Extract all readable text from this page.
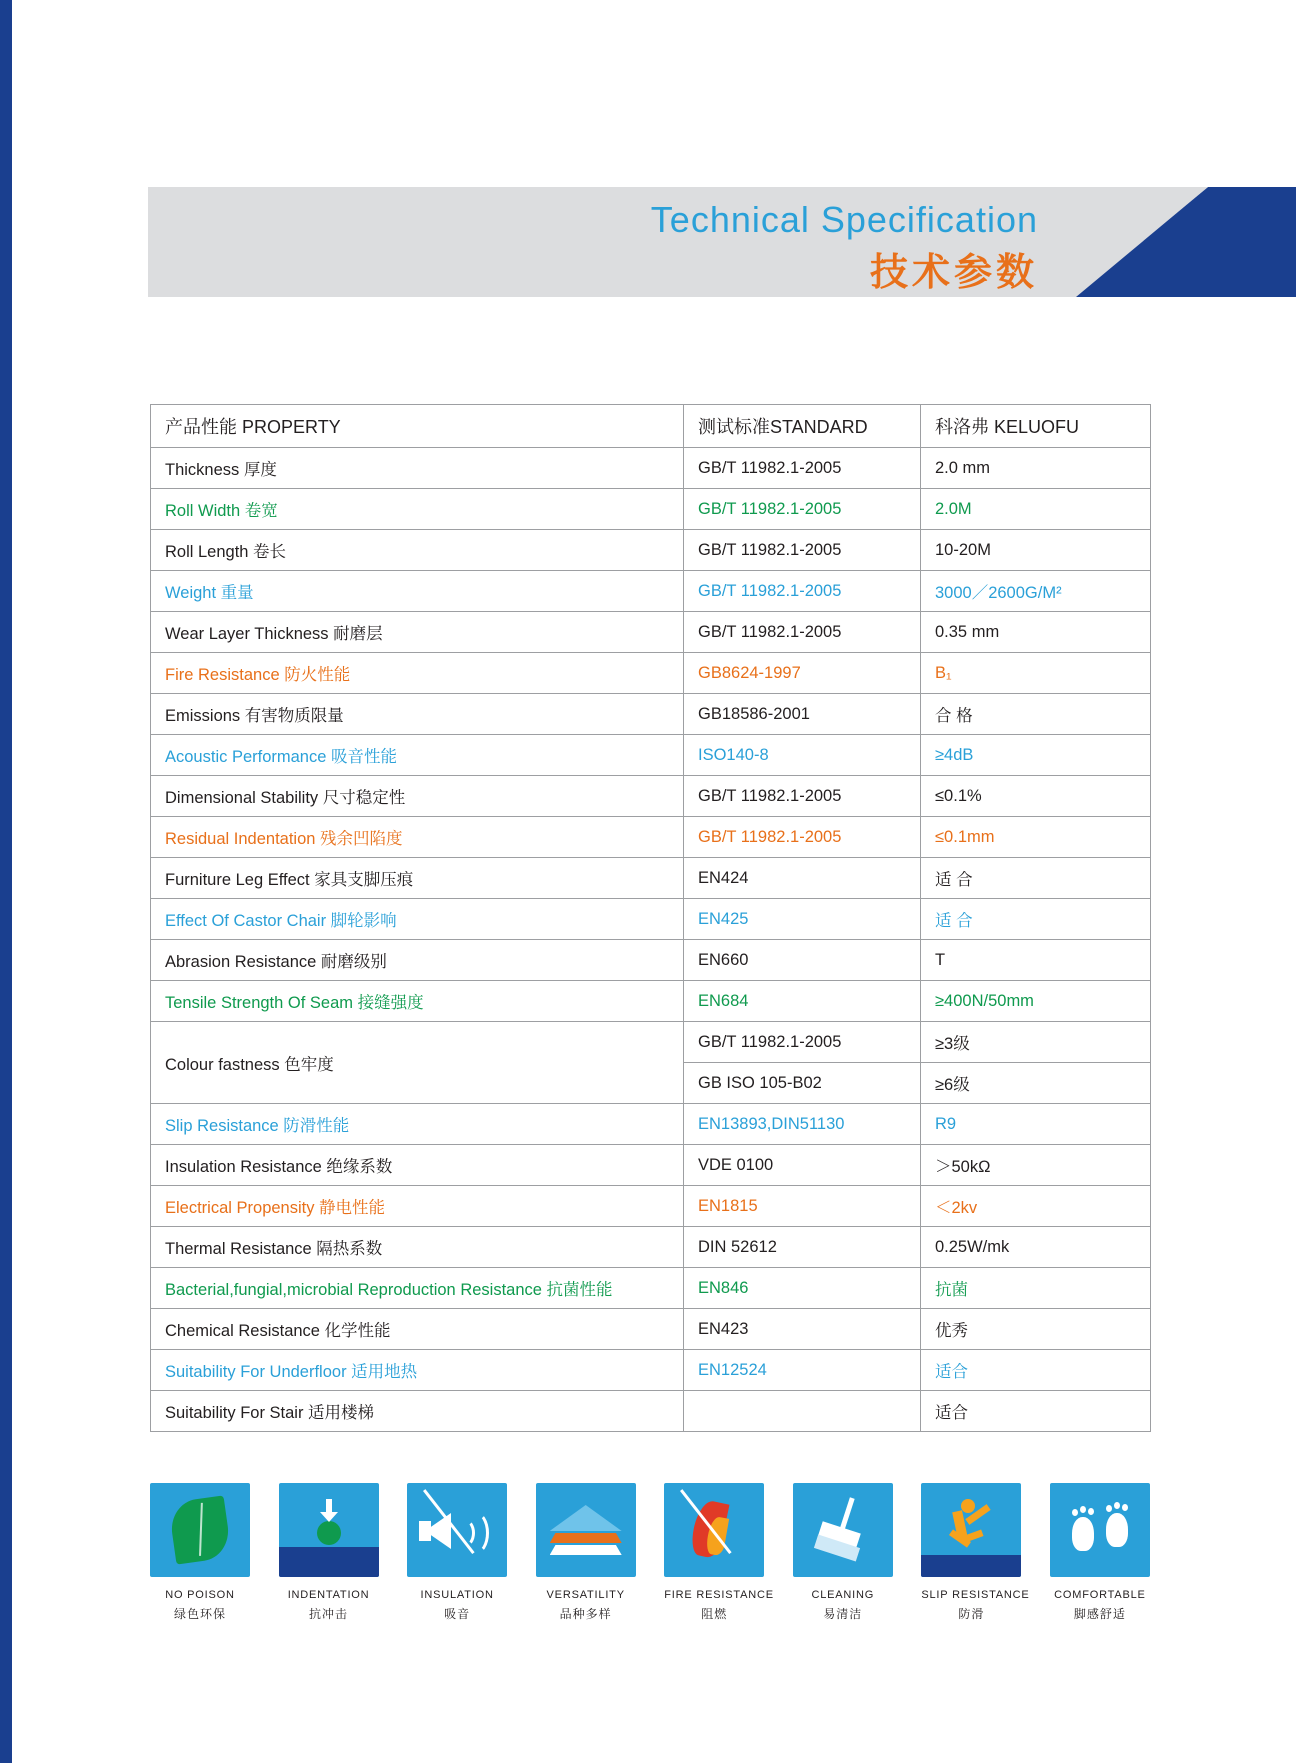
Technical Specification
技术参数
产品性能 PROPERTY	测试标准STANDARD	科洛弗 KELUOFU
Thickness 厚度	GB/T 11982.1-2005	2.0 mm
Roll Width 卷宽	GB/T 11982.1-2005	2.0M
Roll Length 卷长	GB/T 11982.1-2005	10-20M
Weight 重量	GB/T 11982.1-2005	3000／2600G/M²
Wear Layer Thickness 耐磨层	GB/T 11982.1-2005	0.35 mm
Fire Resistance 防火性能	GB8624-1997	B₁
Emissions 有害物质限量	GB18586-2001	合 格
Acoustic Performance 吸音性能	ISO140-8	≥4dB
Dimensional Stability 尺寸稳定性	GB/T 11982.1-2005	≤0.1%
Residual Indentation 残余凹陷度	GB/T 11982.1-2005	≤0.1mm
Furniture Leg Effect 家具支脚压痕	EN424	适 合
Effect Of Castor Chair 脚轮影响	EN425	适 合
Abrasion Resistance 耐磨级别	EN660	T
Tensile Strength Of Seam 接缝强度	EN684	≥400N/50mm
Colour fastness 色牢度	GB/T 11982.1-2005	≥3级
	GB ISO 105-B02	≥6级
Slip Resistance 防滑性能	EN13893,DIN51130	R9
Insulation Resistance 绝缘系数	VDE 0100	＞50kΩ
Electrical Propensity 静电性能	EN1815	＜2kv
Thermal Resistance 隔热系数	DIN 52612	0.25W/mk
Bacterial,fungial,microbial Reproduction Resistance 抗菌性能	EN846	抗菌
Chemical Resistance 化学性能	EN423	优秀
Suitability For Underfloor 适用地热	EN12524	适合
Suitability For Stair 适用楼梯		适合
NO POISON
绿色环保
INDENTATION
抗冲击
INSULATION
吸音
VERSATILITY
品种多样
FIRE RESISTANCE
阻燃
CLEANING
易清洁
SLIP RESISTANCE
防滑
COMFORTABLE
脚感舒适
